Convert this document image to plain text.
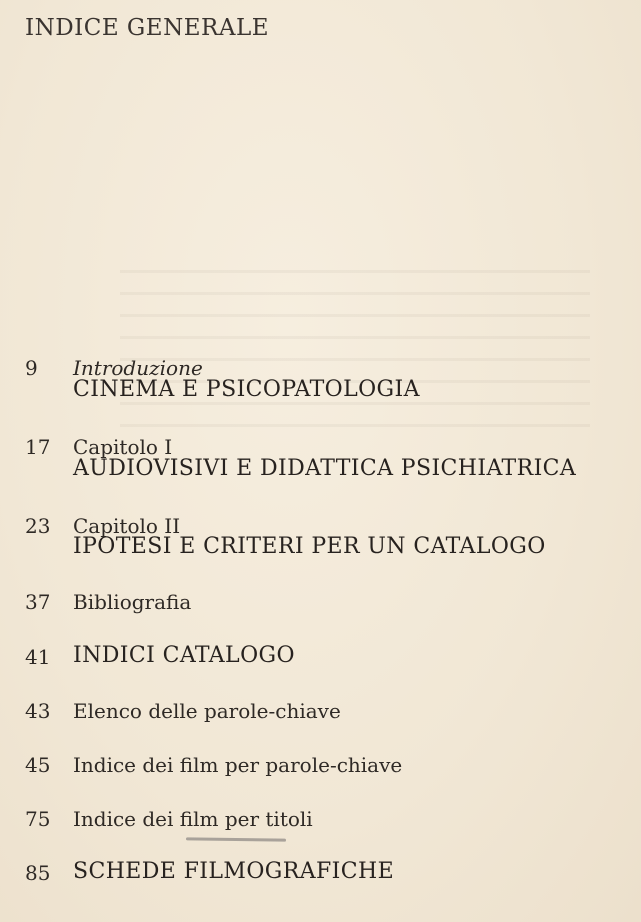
INDICE GENERALE
9 Introduzione
CINEMA E PSICOPATOLOGIA
17 Capitolo I
AUDIOVISIVI E DIDATTICA PSICHIATRICA
23 Capitolo II
IPOTESI E CRITERI PER UN CATALOGO
37 Bibliografia
41 INDICI CATALOGO
43 Elenco delle parole-chiave
45 Indice dei film per parole-chiave
75 Indice dei film per titoli
85 SCHEDE FILMOGRAFICHE
